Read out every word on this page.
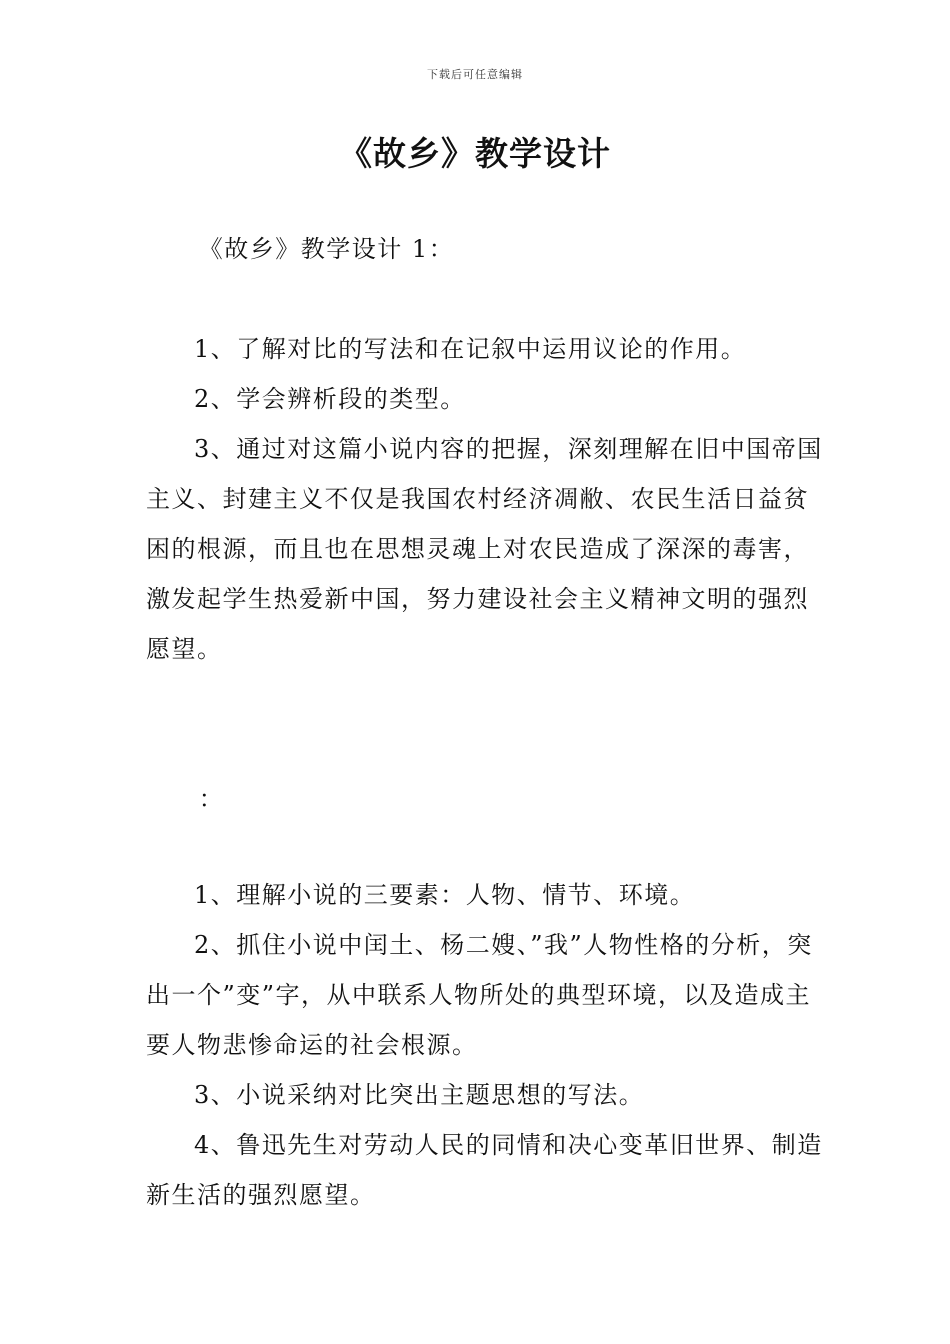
下载后可任意编辑
《故乡》教学设计
《故乡》教学设计 1：

1、了解对比的写法和在记叙中运用议论的作用。

2、学会辨析段的类型。

3、通过对这篇小说内容的把握，深刻理解在旧中国帝国主义、封建主义不仅是我国农村经济凋敝、农民生活日益贫困的根源，而且也在思想灵魂上对农民造成了深深的毒害，激发起学生热爱新中国，努力建设社会主义精神文明的强烈愿望。

：

1、理解小说的三要素：人物、情节、环境。

2、抓住小说中闰土、杨二嫂、”我”人物性格的分析，突出一个”变”字，从中联系人物所处的典型环境，以及造成主要人物悲惨命运的社会根源。

3、小说采纳对比突出主题思想的写法。

4、鲁迅先生对劳动人民的同情和决心变革旧世界、制造新生活的强烈愿望。
